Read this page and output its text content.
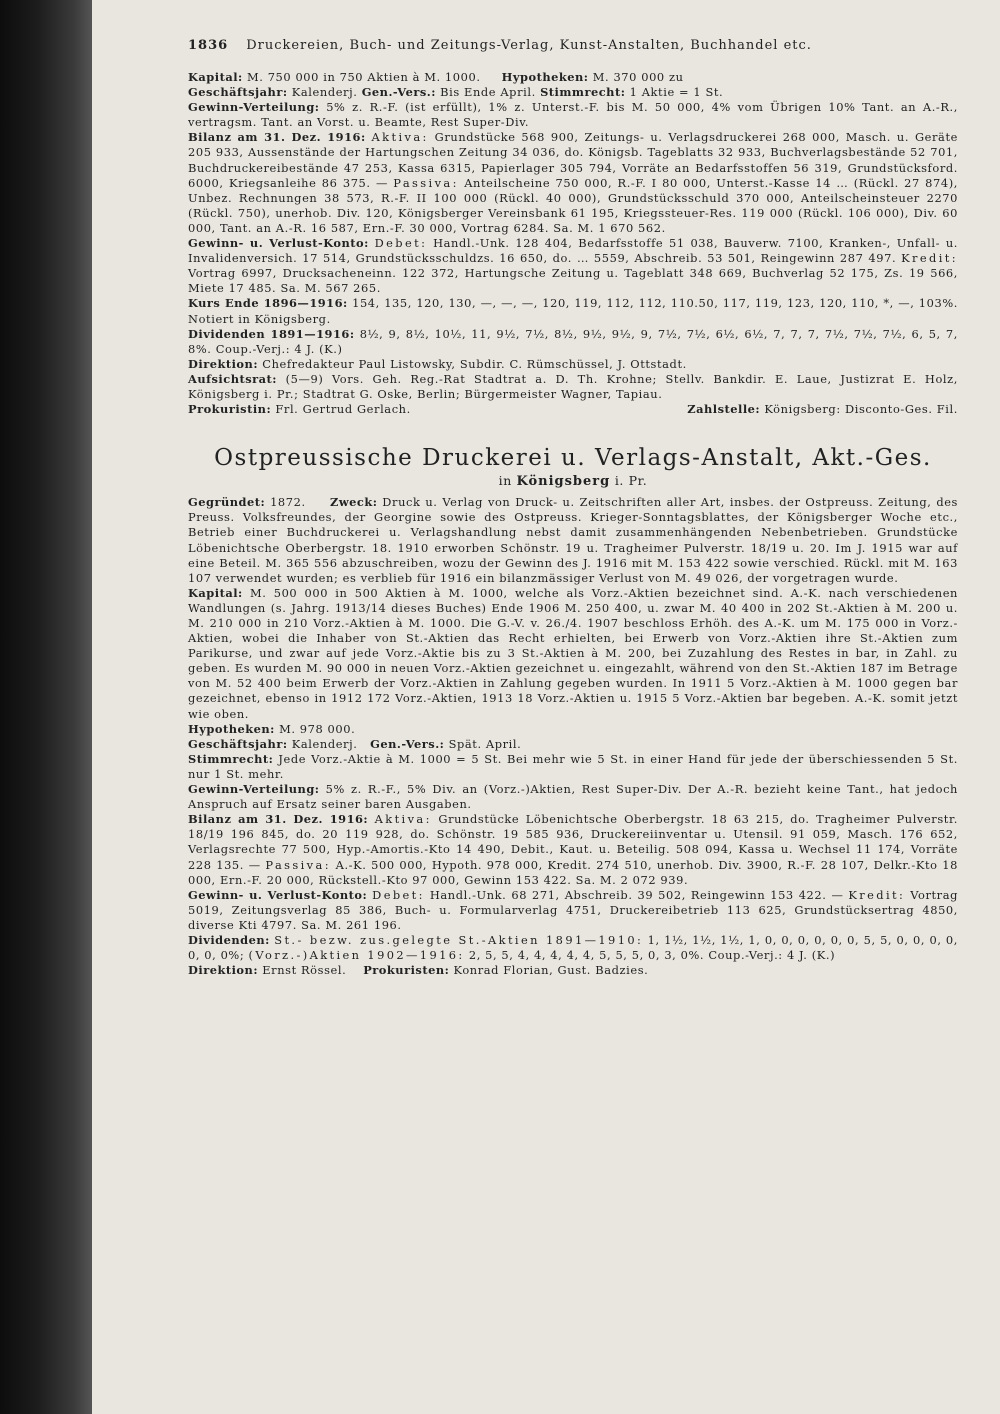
1836 Druckereien, Buch- und Zeitungs-Verlag, Kunst-Anstalten, Buchhandel etc.

Kapital: M. 750 000 in 750 Aktien à M. 1000. Hypotheken: M. 370 000 zu

Geschäftsjahr: Kalenderj. Gen.-Vers.: Bis Ende April. Stimmrecht: 1 Aktie = 1 St.

Gewinn-Verteilung: 5% z. R.-F. (ist erfüllt), 1% z. Unterst.-F. bis M. 50 000, 4% vom Übrigen 10% Tant. an A.-R., vertragsm. Tant. an Vorst. u. Beamte, Rest Super-Div.

Bilanz am 31. Dez. 1916: Aktiva: Grundstücke 568 900, Zeitungs- u. Verlagsdruckerei 268 000, Masch. u. Geräte 205 933, Aussenstände der Hartungschen Zeitung 34 036, do. Königsb. Tageblatts 32 933, Buchverlagsbestände 52 701, Buchdruckereibestände 47 253, Kassa 6315, Papierlager 305 794, Vorräte an Bedarfsstoffen 56 319, Grundstücksford. 6000, Kriegsanleihe 86 375. — Passiva: Anteilscheine 750 000, R.-F. I 80 000, Unterst.-Kasse 14 … (Rückl. 27 874), Unbez. Rechnungen 38 573, R.-F. II 100 000 (Rückl. 40 000), Grundstücksschuld 370 000, Anteilscheinsteuer 2270 (Rückl. 750), unerhob. Div. 120, Königsberger Vereinsbank 61 195, Kriegssteuer-Res. 119 000 (Rückl. 106 000), Div. 60 000, Tant. an A.-R. 16 587, Ern.-F. 30 000, Vortrag 6284. Sa. M. 1 670 562.

Gewinn- u. Verlust-Konto: Debet: Handl.-Unk. 128 404, Bedarfsstoffe 51 038, Bauverw. 7100, Kranken-, Unfall- u. Invalidenversich. 17 514, Grundstücksschuldzs. 16 650, do. … 5559, Abschreib. 53 501, Reingewinn 287 497. Kredit: Vortrag 6997, Drucksacheneinn. 122 372, Hartungsche Zeitung u. Tageblatt 348 669, Buchverlag 52 175, Zs. 19 566, Miete 17 485. Sa. M. 567 265.

Kurs Ende 1896—1916: 154, 135, 120, 130, —, —, —, 120, 119, 112, 112, 110.50, 117, 119, 123, 120, 110, *, —, 103%. Notiert in Königsberg.

Dividenden 1891—1916: 8½, 9, 8½, 10½, 11, 9½, 7½, 8½, 9½, 9½, 9, 7½, 7½, 6½, 6½, 7, 7, 7, 7½, 7½, 7½, 6, 5, 7, 8%. Coup.-Verj.: 4 J. (K.)

Direktion: Chefredakteur Paul Listowsky, Subdir. C. Rümschüssel, J. Ottstadt.

Aufsichtsrat: (5—9) Vors. Geh. Reg.-Rat Stadtrat a. D. Th. Krohne; Stellv. Bankdir. E. Laue, Justizrat E. Holz, Königsberg i. Pr.; Stadtrat G. Oske, Berlin; Bürgermeister Wagner, Tapiau.

Prokuristin: Frl. Gertrud Gerlach.	Zahlstelle: Königsberg: Disconto-Ges. Fil.

Ostpreussische Druckerei u. Verlags-Anstalt, Akt.-Ges.
in Königsberg i. Pr.

Gegründet: 1872. Zweck: Druck u. Verlag von Druck- u. Zeitschriften aller Art, insbes. der Ostpreuss. Zeitung, des Preuss. Volksfreundes, der Georgine sowie des Ostpreuss. Krieger-Sonntagsblattes, der Königsberger Woche etc., Betrieb einer Buchdruckerei u. Verlagshandlung nebst damit zusammenhängenden Nebenbetrieben. Grundstücke Löbenichtsche Oberbergstr. 18. 1910 erworben Schönstr. 19 u. Tragheimer Pulverstr. 18/19 u. 20. Im J. 1915 war auf eine Beteil. M. 365 556 abzuschreiben, wozu der Gewinn des J. 1916 mit M. 153 422 sowie verschied. Rückl. mit M. 163 107 verwendet wurden; es verblieb für 1916 ein bilanzmässiger Verlust von M. 49 026, der vorgetragen wurde.

Kapital: M. 500 000 in 500 Aktien à M. 1000, welche als Vorz.-Aktien bezeichnet sind. A.-K. nach verschiedenen Wandlungen (s. Jahrg. 1913/14 dieses Buches) Ende 1906 M. 250 400, u. zwar M. 40 400 in 202 St.-Aktien à M. 200 u. M. 210 000 in 210 Vorz.-Aktien à M. 1000. Die G.-V. v. 26./4. 1907 beschloss Erhöh. des A.-K. um M. 175 000 in Vorz.-Aktien, wobei die Inhaber von St.-Aktien das Recht erhielten, bei Erwerb von Vorz.-Aktien ihre St.-Aktien zum Parikurse, und zwar auf jede Vorz.-Aktie bis zu 3 St.-Aktien à M. 200, bei Zuzahlung des Restes in bar, in Zahl. zu geben. Es wurden M. 90 000 in neuen Vorz.-Aktien gezeichnet u. eingezahlt, während von den St.-Aktien 187 im Betrage von M. 52 400 beim Erwerb der Vorz.-Aktien in Zahlung gegeben wurden. In 1911 5 Vorz.-Aktien à M. 1000 gegen bar gezeichnet, ebenso in 1912 172 Vorz.-Aktien, 1913 18 Vorz.-Aktien u. 1915 5 Vorz.-Aktien bar begeben. A.-K. somit jetzt wie oben.

Hypotheken: M. 978 000.

Geschäftsjahr: Kalenderj. Gen.-Vers.: Spät. April.

Stimmrecht: Jede Vorz.-Aktie à M. 1000 = 5 St. Bei mehr wie 5 St. in einer Hand für jede der überschiessenden 5 St. nur 1 St. mehr.

Gewinn-Verteilung: 5% z. R.-F., 5% Div. an (Vorz.-)Aktien, Rest Super-Div. Der A.-R. bezieht keine Tant., hat jedoch Anspruch auf Ersatz seiner baren Ausgaben.

Bilanz am 31. Dez. 1916: Aktiva: Grundstücke Löbenichtsche Oberbergstr. 18 63 215, do. Tragheimer Pulverstr. 18/19 196 845, do. 20 119 928, do. Schönstr. 19 585 936, Druckereiinventar u. Utensil. 91 059, Masch. 176 652, Verlagsrechte 77 500, Hyp.-Amortis.-Kto 14 490, Debit., Kaut. u. Beteilig. 508 094, Kassa u. Wechsel 11 174, Vorräte 228 135. — Passiva: A.-K. 500 000, Hypoth. 978 000, Kredit. 274 510, unerhob. Div. 3900, R.-F. 28 107, Delkr.-Kto 18 000, Ern.-F. 20 000, Rückstell.-Kto 97 000, Gewinn 153 422. Sa. M. 2 072 939.

Gewinn- u. Verlust-Konto: Debet: Handl.-Unk. 68 271, Abschreib. 39 502, Reingewinn 153 422. — Kredit: Vortrag 5019, Zeitungsverlag 85 386, Buch- u. Formularverlag 4751, Druckereibetrieb 113 625, Grundstücksertrag 4850, diverse Kti 4797. Sa. M. 261 196.

Dividenden: St.- bezw. zus.gelegte St.-Aktien 1891—1910: 1, 1½, 1½, 1½, 1, 0, 0, 0, 0, 0, 0, 5, 5, 0, 0, 0, 0, 0, 0, 0%; (Vorz.-)Aktien 1902—1916: 2, 5, 5, 4, 4, 4, 4, 4, 5, 5, 5, 0, 3, 0%. Coup.-Verj.: 4 J. (K.)

Direktion: Ernst Rössel. Prokuristen: Konrad Florian, Gust. Badzies.
